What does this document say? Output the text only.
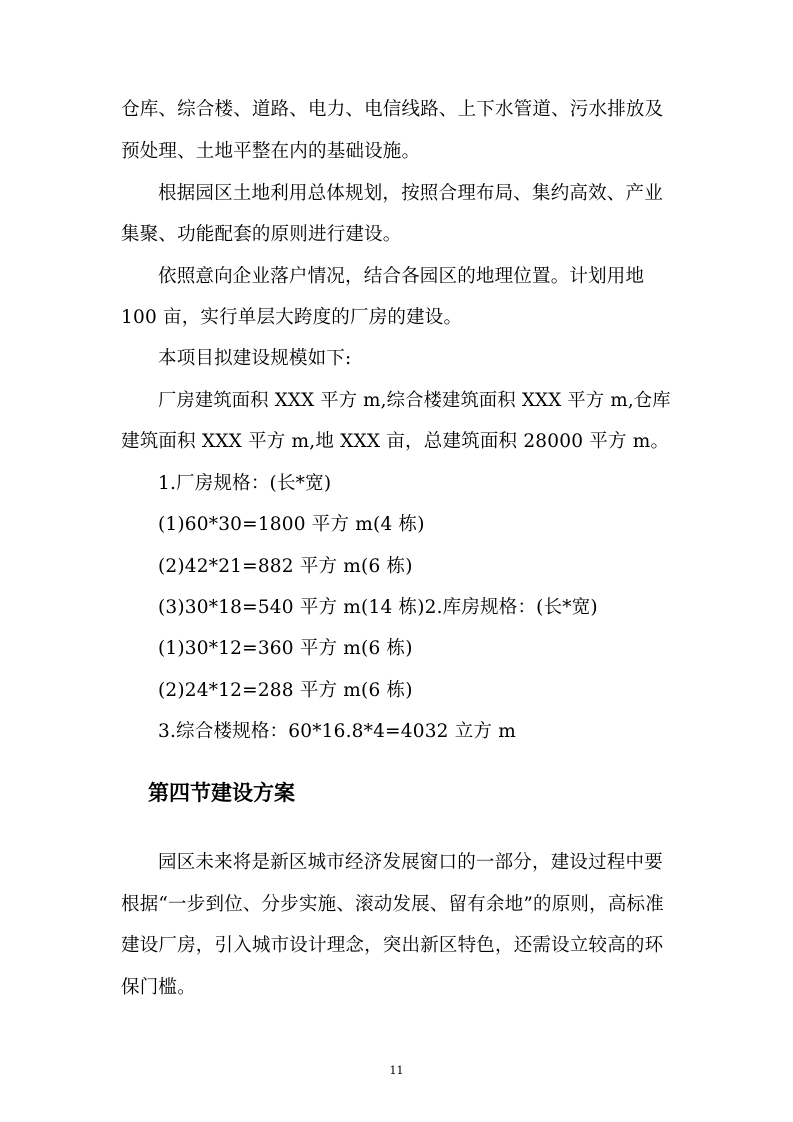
仓库、综合楼、道路、电力、电信线路、上下水管道、污水排放及
预处理、土地平整在内的基础设施。
根据园区土地利用总体规划，按照合理布局、集约高效、产业
集聚、功能配套的原则进行建设。
依照意向企业落户情况，结合各园区的地理位置。计划用地
100 亩，实行单层大跨度的厂房的建设。
本项目拟建设规模如下:
厂房建筑面积 XXX 平方 m,综合楼建筑面积 XXX 平方 m,仓库
建筑面积 XXX 平方 m,地 XXX 亩，总建筑面积 28000 平方 m。
1.厂房规格：(长*宽)
(1)60*30=1800 平方 m(4 栋)
(2)42*21=882 平方 m(6 栋)
(3)30*18=540 平方 m(14 栋)2.库房规格：(长*宽)
(1)30*12=360 平方 m(6 栋)
(2)24*12=288 平方 m(6 栋)
3.综合楼规格：60*16.8*4=4032 立方 m
第四节建设方案
园区未来将是新区城市经济发展窗口的一部分，建设过程中要
根据“一步到位、分步实施、滚动发展、留有余地”的原则，高标准
建设厂房，引入城市设计理念，突出新区特色，还需设立较高的环
保门槛。
11
